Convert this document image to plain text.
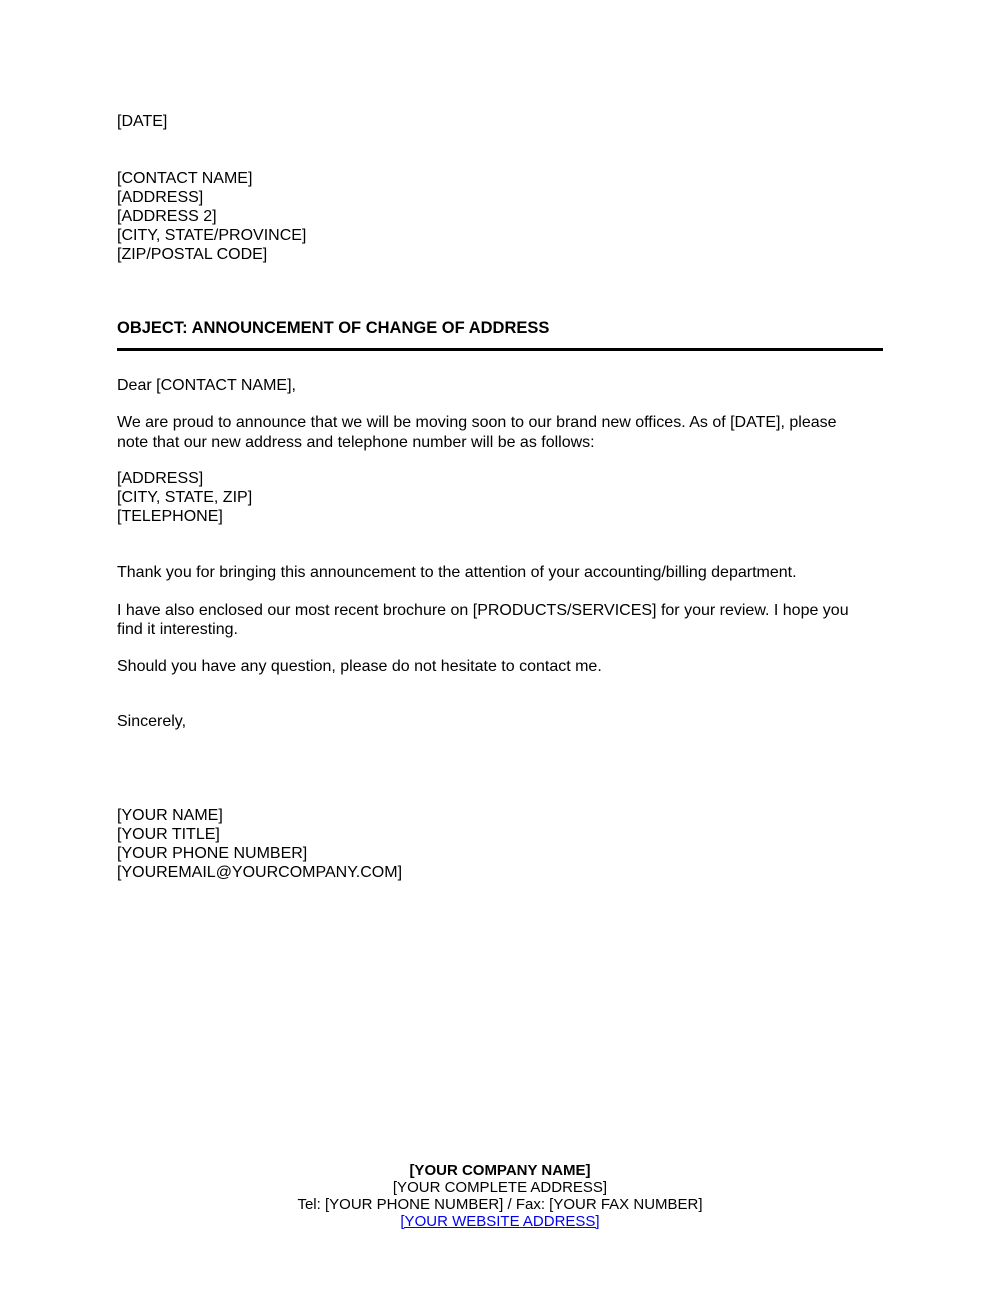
[DATE]
[CONTACT NAME]
[ADDRESS]
[ADDRESS 2]
[CITY, STATE/PROVINCE]
[ZIP/POSTAL CODE]
OBJECT: ANNOUNCEMENT OF CHANGE OF ADDRESS
Dear [CONTACT NAME],
We are proud to announce that we will be moving soon to our brand new offices. As of [DATE], please
note that our new address and telephone number will be as follows:
[ADDRESS]
[CITY, STATE, ZIP]
[TELEPHONE]
Thank you for bringing this announcement to the attention of your accounting/billing department.
I have also enclosed our most recent brochure on [PRODUCTS/SERVICES] for your review. I hope you
find it interesting.
Should you have any question, please do not hesitate to contact me.
Sincerely,
[YOUR NAME]
[YOUR TITLE]
[YOUR PHONE NUMBER]
[YOUREMAIL@YOURCOMPANY.COM]
[YOUR COMPANY NAME]
[YOUR COMPLETE ADDRESS]
Tel: [YOUR PHONE NUMBER] / Fax: [YOUR FAX NUMBER]
[YOUR WEBSITE ADDRESS]
